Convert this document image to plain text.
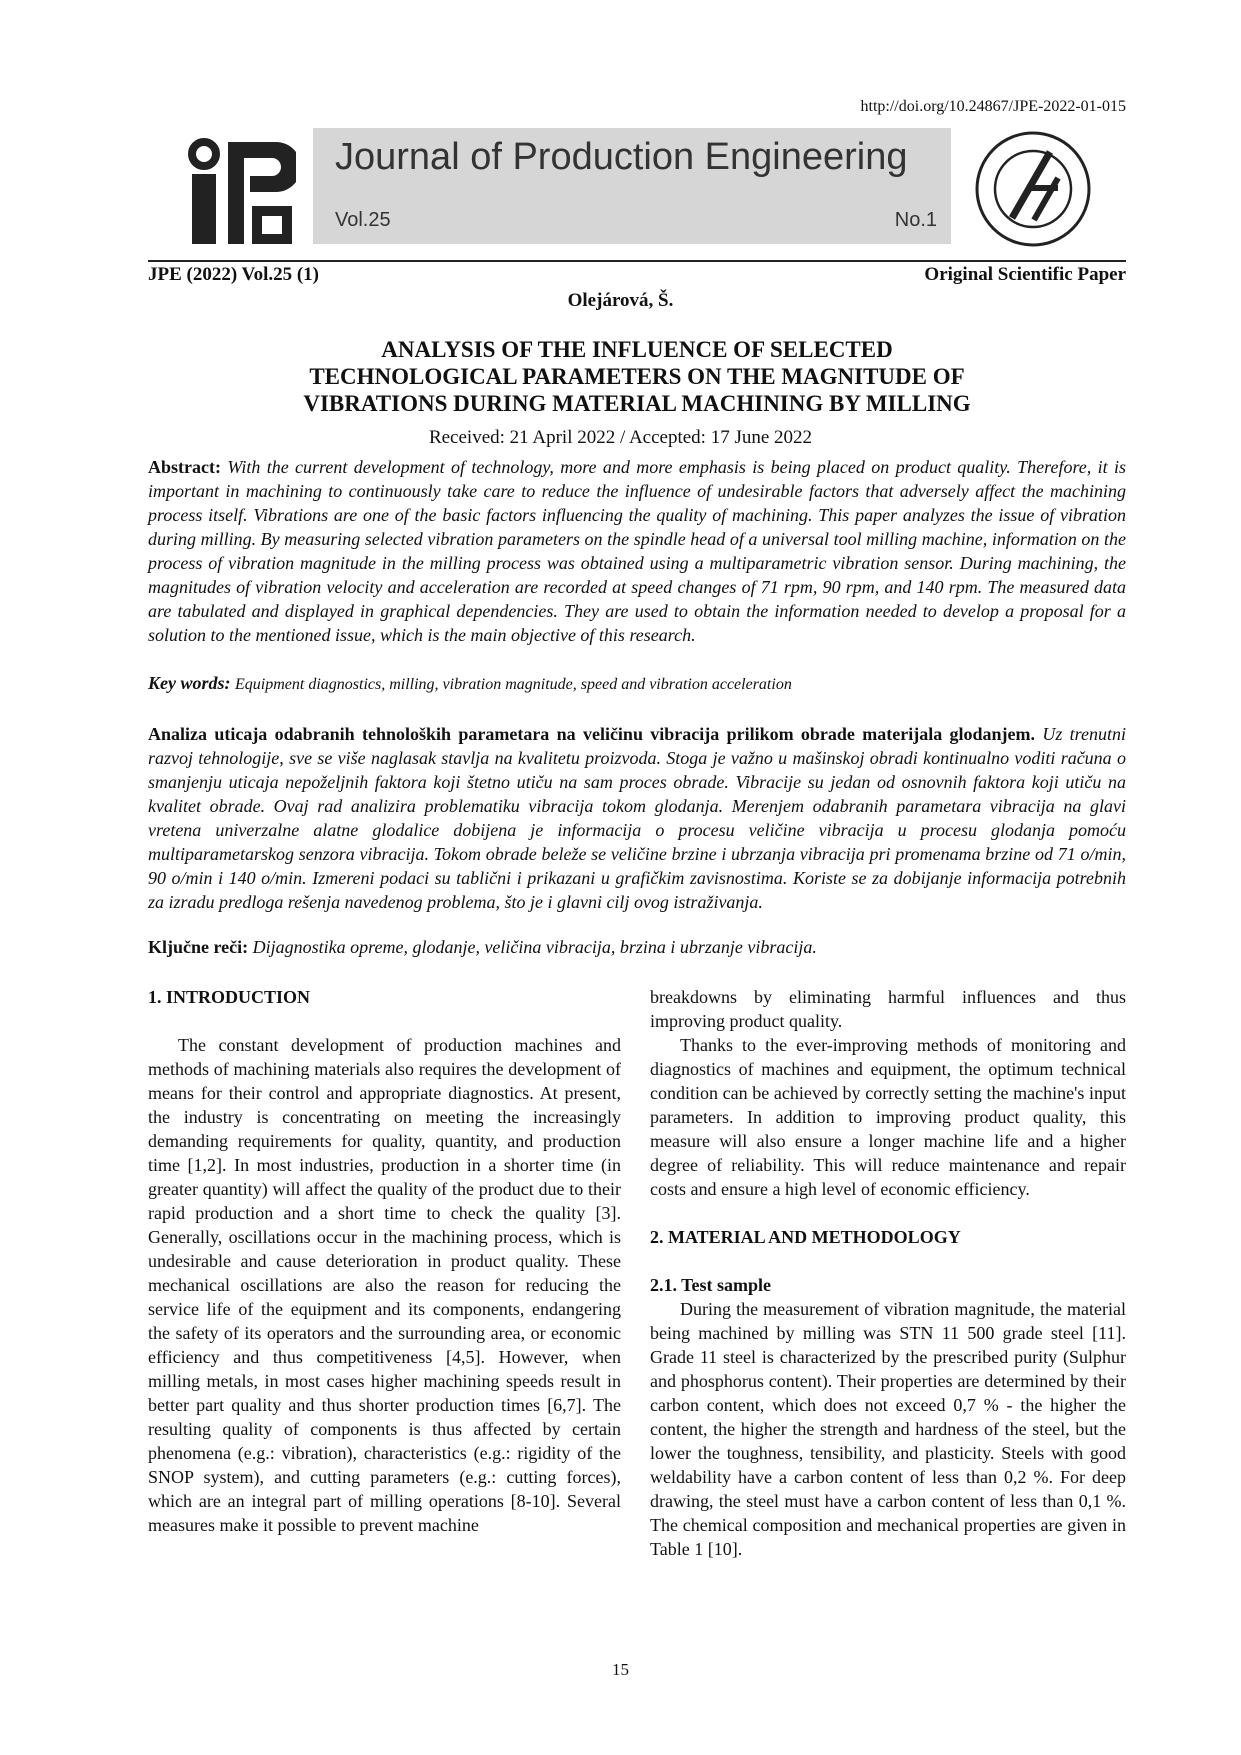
http://doi.org/10.24867/JPE-2022-01-015
Journal of Production Engineering
Vol.25	No.1
JPE (2022) Vol.25 (1)	Original Scientific Paper
Olejárová, Š.
ANALYSIS OF THE INFLUENCE OF SELECTED
TECHNOLOGICAL PARAMETERS ON THE MAGNITUDE OF
VIBRATIONS DURING MATERIAL MACHINING BY MILLING
Received: 21 April 2022 / Accepted: 17 June 2022
Abstract: With the current development of technology, more and more emphasis is being placed on product quality. Therefore, it is important in machining to continuously take care to reduce the influence of undesirable factors that adversely affect the machining process itself. Vibrations are one of the basic factors influencing the quality of machining. This paper analyzes the issue of vibration during milling. By measuring selected vibration parameters on the spindle head of a universal tool milling machine, information on the process of vibration magnitude in the milling process was obtained using a multiparametric vibration sensor. During machining, the magnitudes of vibration velocity and acceleration are recorded at speed changes of 71 rpm, 90 rpm, and 140 rpm. The measured data are tabulated and displayed in graphical dependencies. They are used to obtain the information needed to develop a proposal for a solution to the mentioned issue, which is the main objective of this research.
Key words: Equipment diagnostics, milling, vibration magnitude, speed and vibration acceleration
Analiza uticaja odabranih tehnoloških parametara na veličinu vibracija prilikom obrade materijala glodanjem. Uz trenutni razvoj tehnologije, sve se više naglasak stavlja na kvalitetu proizvoda. Stoga je važno u mašinskoj obradi kontinualno voditi računa o smanjenju uticaja nepoželjnih faktora koji štetno utiču na sam proces obrade. Vibracije su jedan od osnovnih faktora koji utiču na kvalitet obrade. Ovaj rad analizira problematiku vibracija tokom glodanja. Merenjem odabranih parametara vibracija na glavi vretena univerzalne alatne glodalice dobijena je informacija o procesu veličine vibracija u procesu glodanja pomoću multiparametarskog senzora vibracija. Tokom obrade beleže se veličine brzine i ubrzanja vibracija pri promenama brzine od 71 o/min, 90 o/min i 140 o/min. Izmereni podaci su tablični i prikazani u grafičkim zavisnostima. Koriste se za dobijanje informacija potrebnih za izradu predloga rešenja navedenog problema, što je i glavni cilj ovog istraživanja.
Ključne reči: Dijagnostika opreme, glodanje, veličina vibracija, brzina i ubrzanje vibracija.

1. INTRODUCTION

The constant development of production machines and methods of machining materials also requires the development of means for their control and appropriate diagnostics. At present, the industry is concentrating on meeting the increasingly demanding requirements for quality, quantity, and production time [1,2]. In most industries, production in a shorter time (in greater quantity) will affect the quality of the product due to their rapid production and a short time to check the quality [3]. Generally, oscillations occur in the machining process, which is undesirable and cause deterioration in product quality. These mechanical oscillations are also the reason for reducing the service life of the equipment and its components, endangering the safety of its operators and the surrounding area, or economic efficiency and thus competitiveness [4,5]. However, when milling metals, in most cases higher machining speeds result in better part quality and thus shorter production times [6,7]. The resulting quality of components is thus affected by certain phenomena (e.g.: vibration), characteristics (e.g.: rigidity of the SNOP system), and cutting parameters (e.g.: cutting forces), which are an integral part of milling operations [8-10]. Several measures make it possible to prevent machine

breakdowns by eliminating harmful influences and thus improving product quality.

Thanks to the ever-improving methods of monitoring and diagnostics of machines and equipment, the optimum technical condition can be achieved by correctly setting the machine's input parameters. In addition to improving product quality, this measure will also ensure a longer machine life and a higher degree of reliability. This will reduce maintenance and repair costs and ensure a high level of economic efficiency.

2. MATERIAL AND METHODOLOGY

2.1. Test sample

During the measurement of vibration magnitude, the material being machined by milling was STN 11 500 grade steel [11]. Grade 11 steel is characterized by the prescribed purity (Sulphur and phosphorus content). Their properties are determined by their carbon content, which does not exceed 0,7 % - the higher the content, the higher the strength and hardness of the steel, but the lower the toughness, tensibility, and plasticity. Steels with good weldability have a carbon content of less than 0,2 %. For deep drawing, the steel must have a carbon content of less than 0,1 %. The chemical composition and mechanical properties are given in Table 1 [10].

15
